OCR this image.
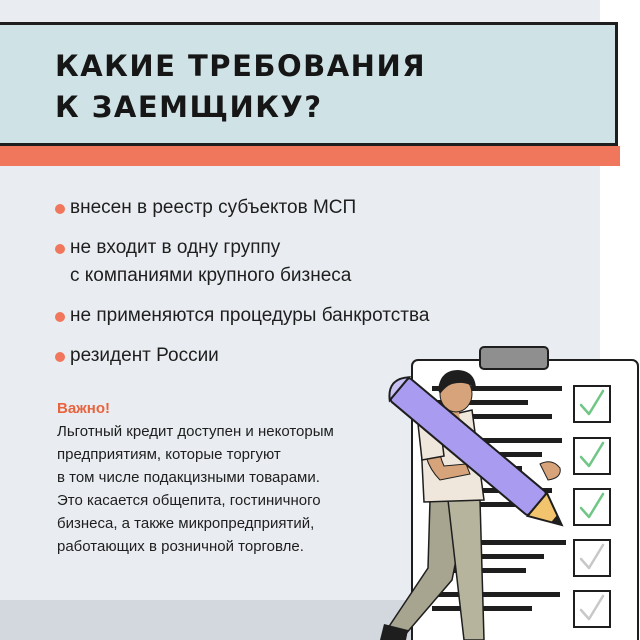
КАКИЕ ТРЕБОВАНИЯ
К ЗАЕМЩИКУ?
внесен в реестр субъектов МСП
не входит в одну группу
с компаниями крупного бизнеса
не применяются процедуры банкротства
резидент России
Важно!
Льготный кредит доступен и некоторым
предприятиям, которые торгуют
в том числе подакцизными товарами.
Это касается общепита, гостиничного
бизнеса, а также микропредприятий,
работающих в розничной торговле.
